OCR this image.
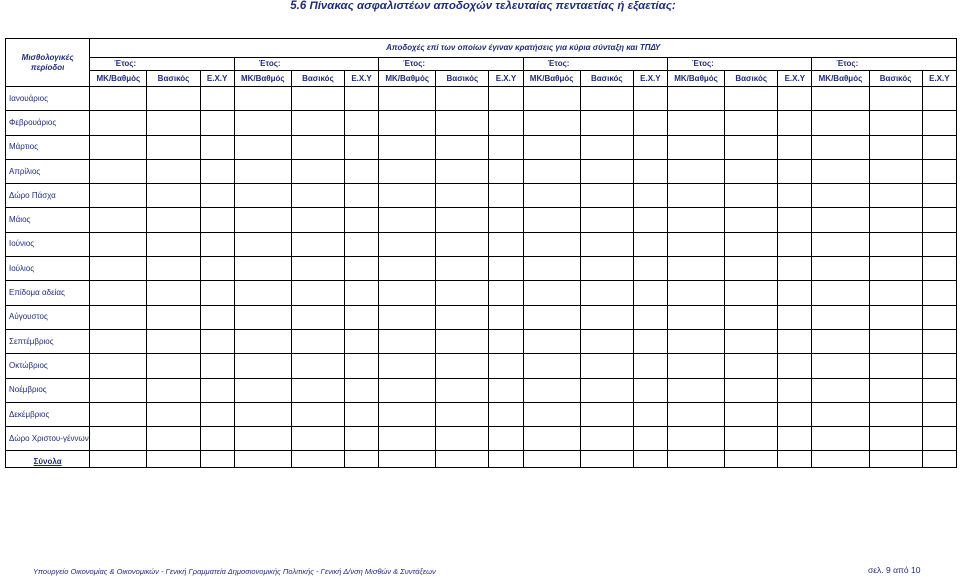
5.6 Πίνακας ασφαλιστέων αποδοχών τελευταίας πενταετίας ή εξαετίας:
Μισθολογικές περίοδοι	Αποδοχές επί των οποίων έγιναν κρατήσεις για κύρια σύνταξη και ΤΠΔΥ																	
	Έτος:			Έτος:			Έτος:			Έτος:			Έτος:			Έτος:		
	ΜΚ/Βαθμός	Βασικός	Ε.Χ.Υ	ΜΚ/Βαθμός	Βασικός	Ε.Χ.Υ	ΜΚ/Βαθμός	Βασικός	Ε.Χ.Υ	ΜΚ/Βαθμός	Βασικός	Ε.Χ.Υ	ΜΚ/Βαθμός	Βασικός	Ε.Χ.Υ	ΜΚ/Βαθμός	Βασικός	Ε.Χ.Υ
Ιανουάριος																		
Φεβρουάριος																		
Μάρτιος																		
Απρίλιος																		
Δώρο Πάσχα																		
Μάιος																		
Ιούνιος																		
Ιούλιος																		
Επίδομα αδείας																		
Αύγουστος																		
Σεπτέμβριος																		
Οκτώβριος																		
Νοέμβριος																		
Δεκέμβριος																		
Δώρο Χριστου-γέννων																		
Σύνολα																		
Υπουργείο Οικονομίας & Οικονομικών - Γενική Γραμματεία Δημοσιονομικής Πολιτικής - Γενική Δ/νση Μισθών & Συντάξεων	σελ. 9 από 10
